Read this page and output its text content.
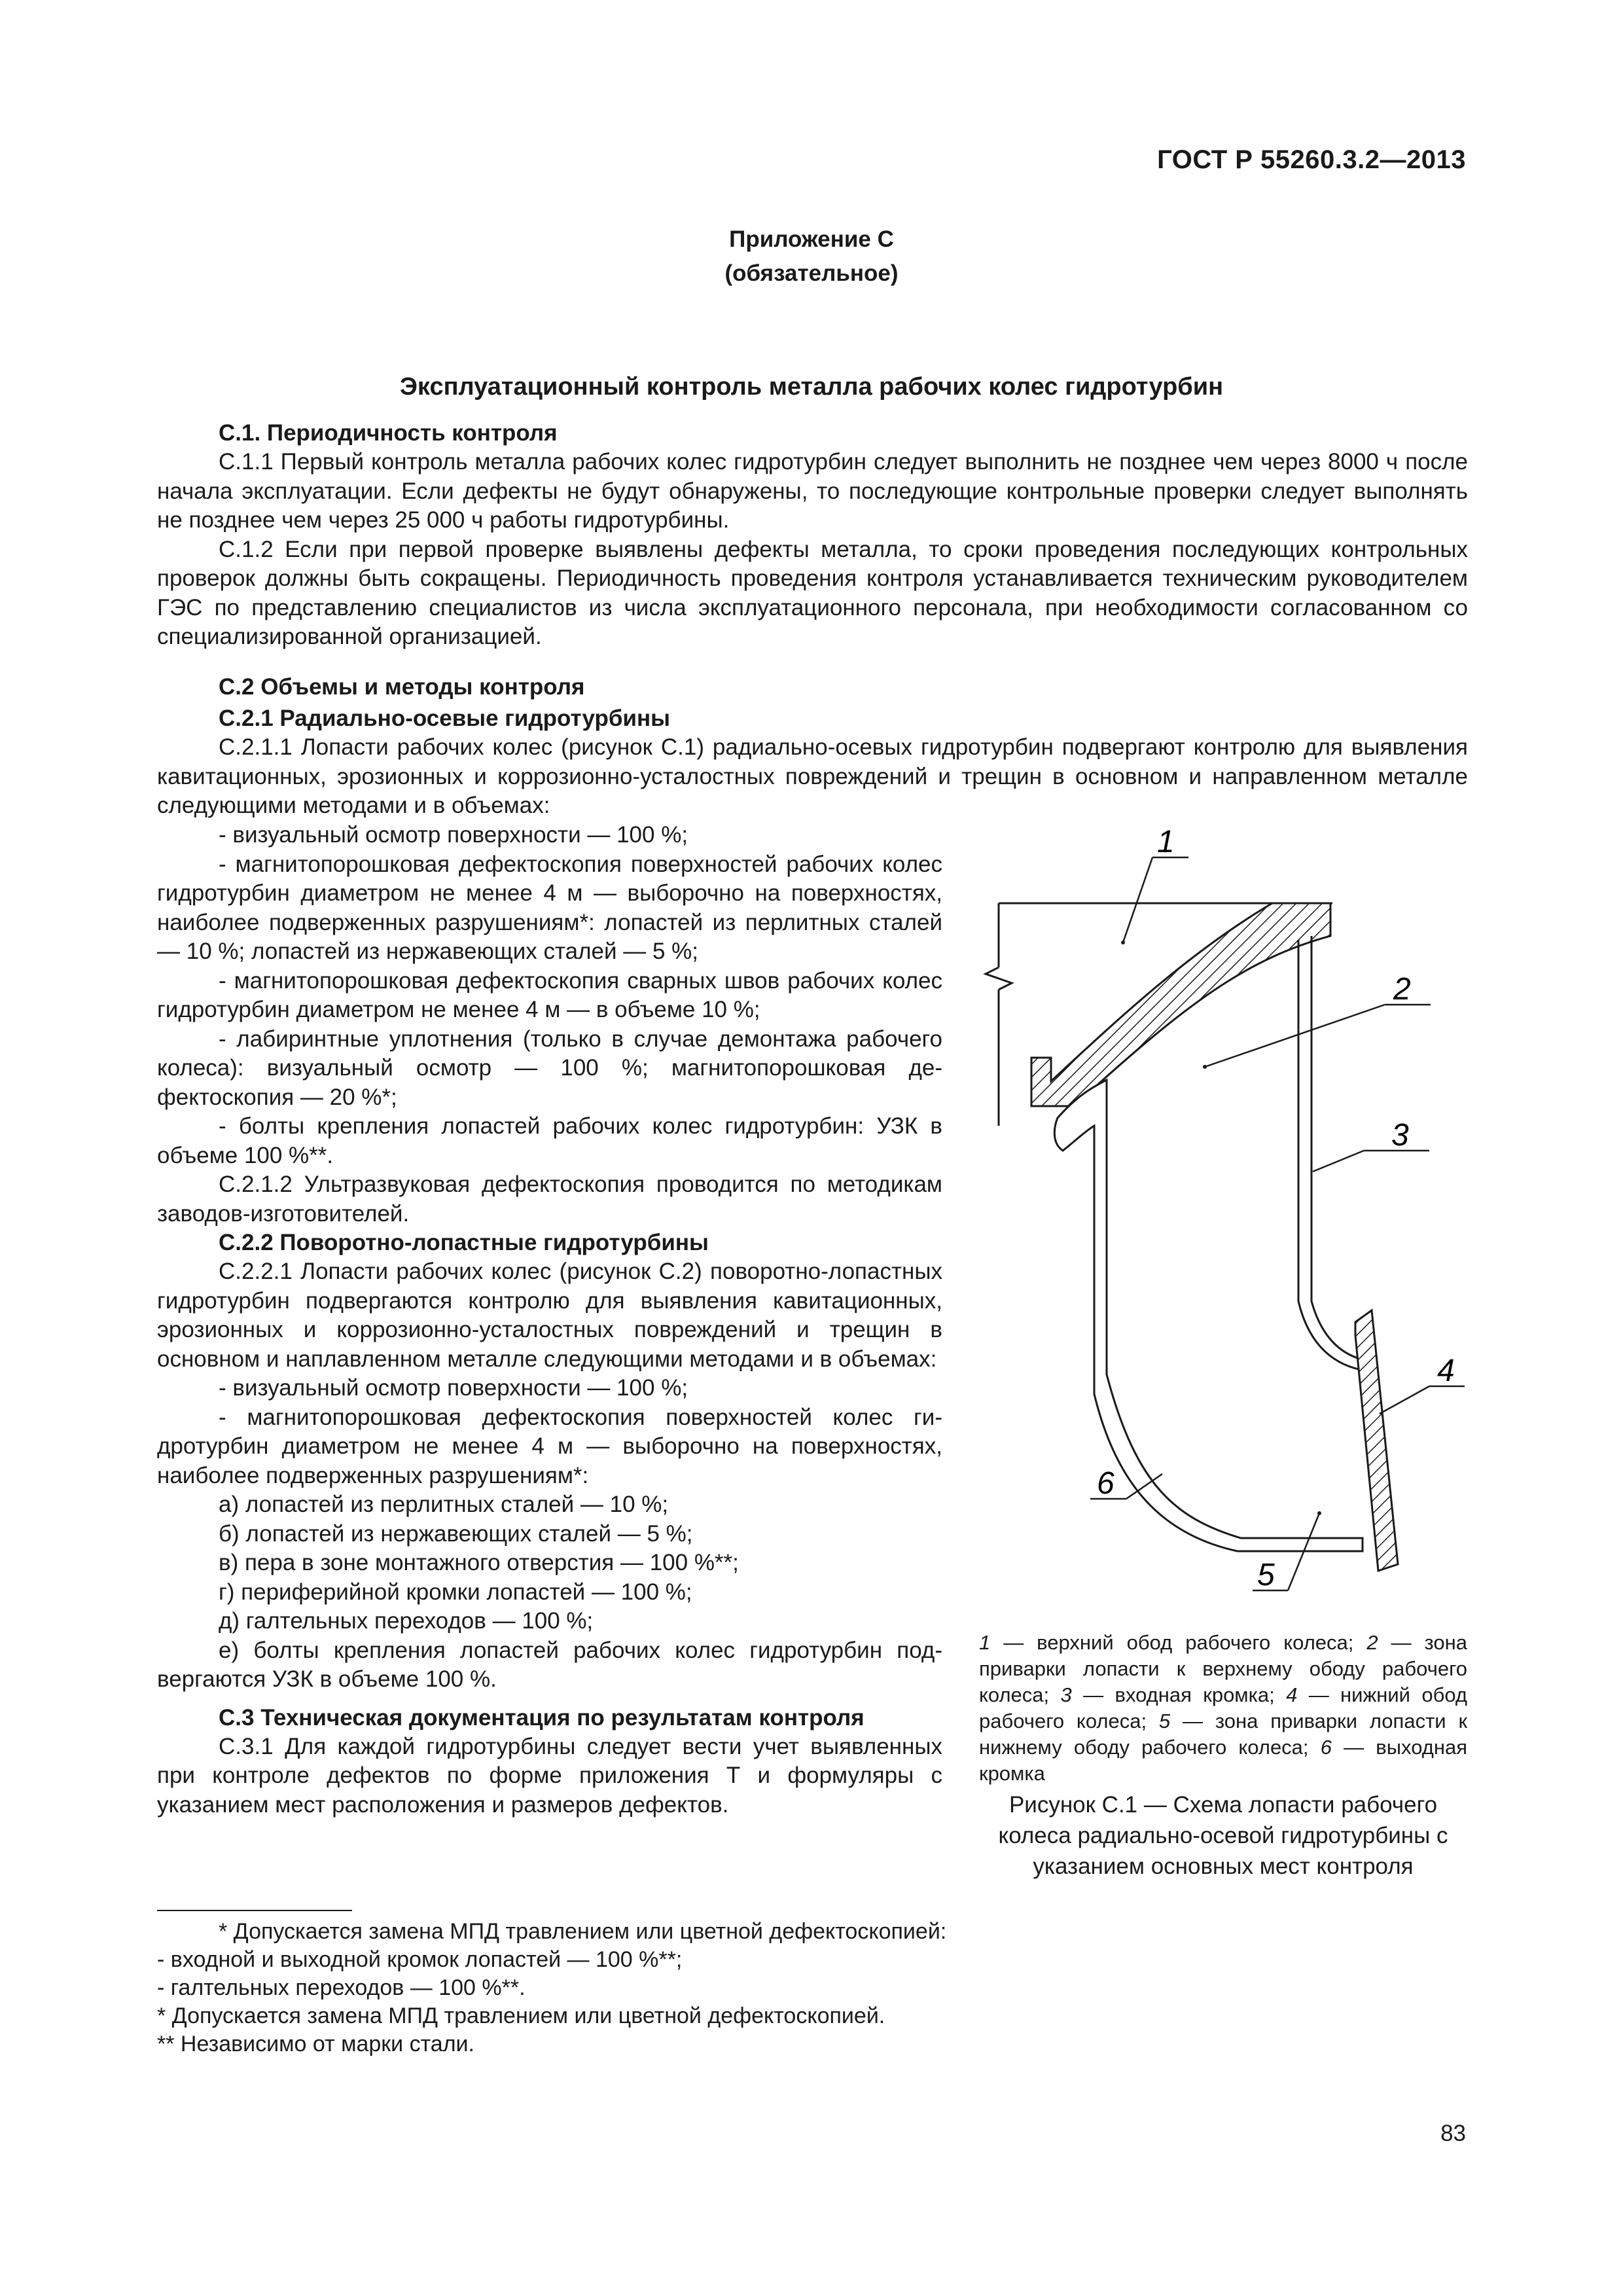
ГОСТ Р 55260.3.2—2013
Приложение С
(обязательное)
Эксплуатационный контроль металла рабочих колес гидротурбин

С.1. Периодичность контроля

С.1.1 Первый контроль металла рабочих колес гидротурбин следует выполнить не позднее чем через 8000 ч после начала эксплуатации. Если дефекты не будут обнаружены, то последующие контрольные проверки следует выполнять не позднее чем через 25 000 ч работы гидротурбины.

С.1.2 Если при первой проверке выявлены дефекты металла, то сроки проведения последующих контрольных проверок должны быть сокращены. Периодичность проведения контроля устанавливается техническим руководителем ГЭС по представлению специалистов из числа эксплуатационного персонала, при необходимости согласованном со специализированной организацией.

С.2 Объемы и методы контроля

С.2.1 Радиально-осевые гидротурбины

С.2.1.1 Лопасти рабочих колес (рисунок С.1) радиально-осевых гидротурбин подвергают контролю для выявления кавитационных, эрозионных и коррозионно-усталостных повреждений и трещин в основном и направленном металле следующими методами и в объемах:

- визуальный осмотр поверхности — 100 %;

- магнитопорошковая дефектоскопия поверхностей рабочих колес гидротурбин диаметром не менее 4 м — выборочно на поверхностях, наиболее подверженных разрушениям*: лопастей из перлитных сталей — 10 %; лопастей из нержавеющих сталей — 5 %;

- магнитопорошковая дефектоскопия сварных швов рабочих колес гидротурбин диаметром не менее 4 м — в объеме 10 %;

- лабиринтные уплотнения (только в случае демонтажа рабочего колеса): визуальный осмотр — 100 %; магнитопорошковая дефектоскопия — 20 %*;

- болты крепления лопастей рабочих колес гидротурбин: УЗК в объеме 100 %**.

С.2.1.2 Ультразвуковая дефектоскопия проводится по методикам заводов-изготовителей.

С.2.2 Поворотно-лопастные гидротурбины

С.2.2.1 Лопасти рабочих колес (рисунок С.2) поворотно-лопастных гидротурбин подвергаются контролю для выявления кавитационных, эрозионных и коррозионно-усталостных повреждений и трещин в основном и наплавленном металле следующими методами и в объемах:

- визуальный осмотр поверхности — 100 %;

- магнитопорошковая дефектоскопия поверхностей колес гидротурбин диаметром не менее 4 м — выборочно на поверхностях, наиболее подверженных разрушениям*:

а) лопастей из перлитных сталей — 10 %;

б) лопастей из нержавеющих сталей — 5 %;

в) пера в зоне монтажного отверстия — 100 %**;

г) периферийной кромки лопастей — 100 %;

д) галтельных переходов — 100 %;

е) болты крепления лопастей рабочих колес гидротурбин подвергаются УЗК в объеме 100 %.

С.3 Техническая документация по результатам контроля

С.3.1 Для каждой гидротурбины следует вести учет выявленных при контроле дефектов по форме приложения Т и формуляры с указанием мест расположения и размеров дефектов.

1
2
3
4
5
6
1 — верхний обод рабочего колеса; 2 — зона приварки лопасти к верхнему ободу рабочего колеса; 3 — входная кромка; 4 — нижний обод рабочего колеса; 5 — зона приварки лопасти к нижнему ободу рабочего колеса; 6 — выходная кромка
Рисунок С.1 — Схема лопасти рабочего колеса радиально-осевой гидротурбины с указанием основных мест контроля

* Допускается замена МПД травлением или цветной дефектоскопией:

- входной и выходной кромок лопастей — 100 %**;

- галтельных переходов — 100 %**.

* Допускается замена МПД травлением или цветной дефектоскопией.

** Независимо от марки стали.

83
